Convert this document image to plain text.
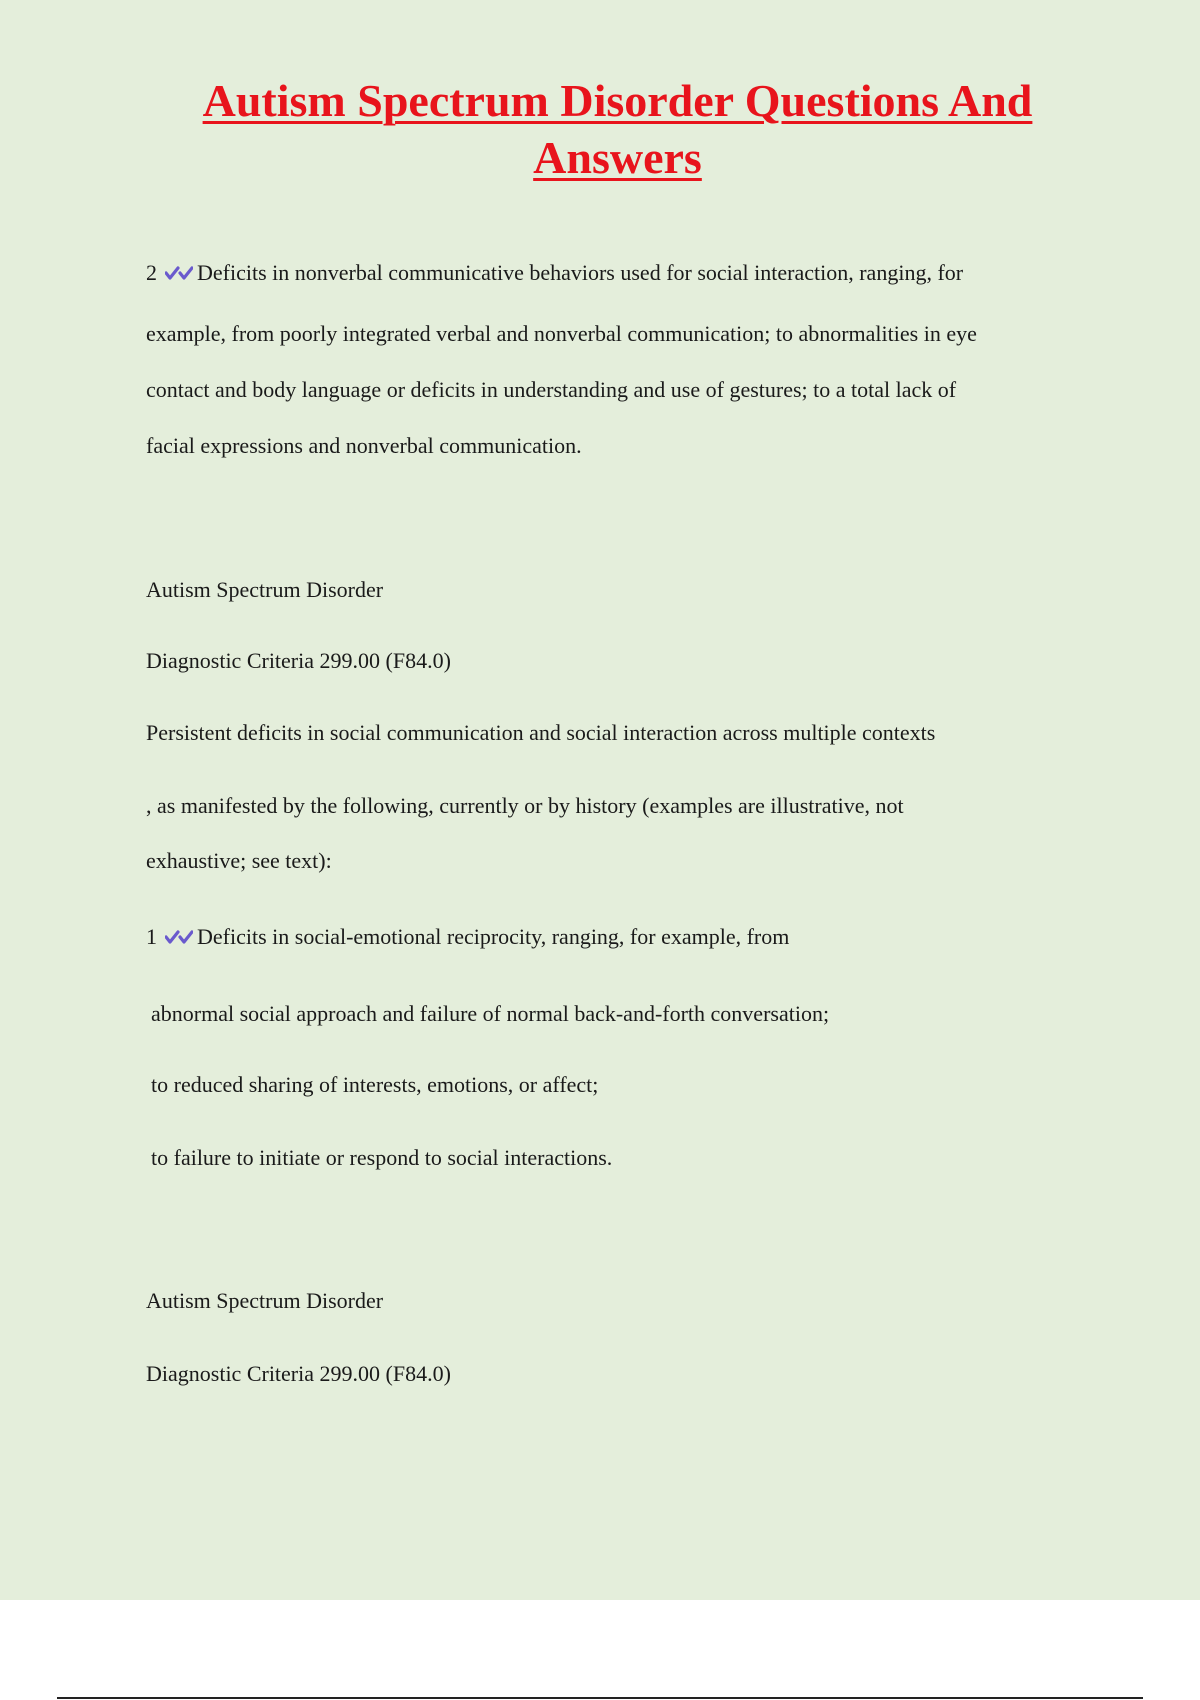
Autism Spectrum Disorder Questions And
Answers
2 Deficits in nonverbal communicative behaviors used for social interaction, ranging, for
example, from poorly integrated verbal and nonverbal communication; to abnormalities in eye
contact and body language or deficits in understanding and use of gestures; to a total lack of
facial expressions and nonverbal communication.
Autism Spectrum Disorder
Diagnostic Criteria 299.00 (F84.0)
Persistent deficits in social communication and social interaction across multiple contexts
, as manifested by the following, currently or by history (examples are illustrative, not
exhaustive; see text):
1 Deficits in social-emotional reciprocity, ranging, for example, from
abnormal social approach and failure of normal back-and-forth conversation;
to reduced sharing of interests, emotions, or affect;
to failure to initiate or respond to social interactions.
Autism Spectrum Disorder
Diagnostic Criteria 299.00 (F84.0)
